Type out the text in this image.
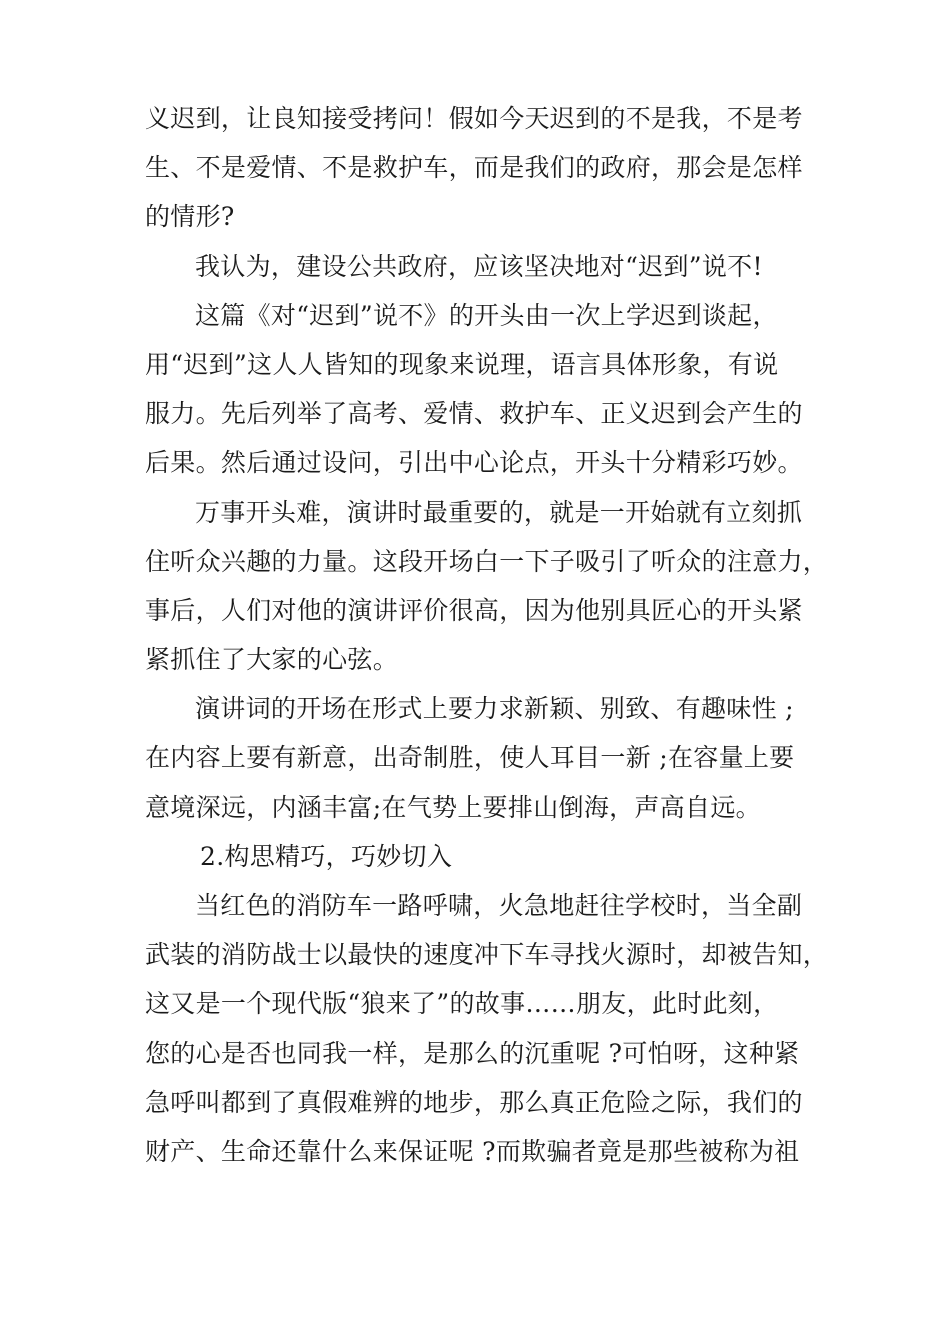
义迟到，让良知接受拷问！假如今天迟到的不是我，不是考
生、不是爱情、不是救护车，而是我们的政府，那会是怎样
的情形?
我认为，建设公共政府，应该坚决地对“迟到”说不!
这篇《对“迟到”说不》的开头由一次上学迟到谈起，
用“迟到”这人人皆知的现象来说理，语言具体形象，有说
服力。先后列举了高考、爱情、救护车、正义迟到会产生的
后果。然后通过设问，引出中心论点，开头十分精彩巧妙。
万事开头难，演讲时最重要的，就是一开始就有立刻抓
住听众兴趣的力量。这段开场白一下子吸引了听众的注意力，
事后，人们对他的演讲评价很高，因为他别具匠心的开头紧
紧抓住了大家的心弦。
演讲词的开场在形式上要力求新颖、别致、有趣味性 ;
在内容上要有新意，出奇制胜，使人耳目一新 ;在容量上要
意境深远，内涵丰富;在气势上要排山倒海，声高自远。
2.构思精巧，巧妙切入
当红色的消防车一路呼啸，火急地赶往学校时，当全副
武装的消防战士以最快的速度冲下车寻找火源时，却被告知，
这又是一个现代版“狼来了”的故事……朋友，此时此刻，
您的心是否也同我一样，是那么的沉重呢 ?可怕呀，这种紧
急呼叫都到了真假难辨的地步，那么真正危险之际，我们的
财产、生命还靠什么来保证呢 ?而欺骗者竟是那些被称为祖
